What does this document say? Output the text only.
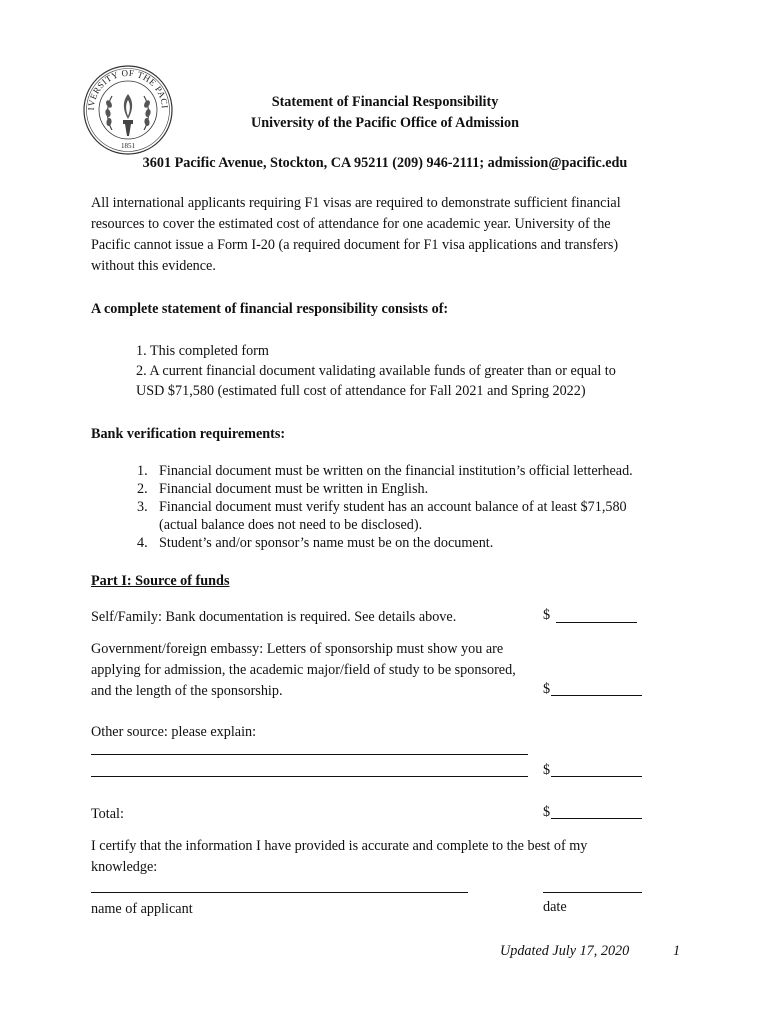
IVERSITY OF THE PACI
1851
Statement of Financial Responsibility
University of the Pacific Office of Admission
3601 Pacific Avenue, Stockton, CA 95211 (209) 946-2111; admission@pacific.edu
All international applicants requiring F1 visas are required to demonstrate sufficient financial
resources to cover the estimated cost of attendance for one academic year. University of the
Pacific cannot issue a Form I-20 (a required document for F1 visa applications and transfers)
without this evidence.
A complete statement of financial responsibility consists of:
1. This completed form
2. A current financial document validating available funds of greater than or equal to
USD $71,580 (estimated full cost of attendance for Fall 2021 and Spring 2022)
Bank verification requirements:
1. Financial document must be written on the financial institution’s official letterhead.
2. Financial document must be written in English.
3. Financial document must verify student has an account balance of at least $71,580
(actual balance does not need to be disclosed).
4. Student’s and/or sponsor’s name must be on the document.
Part I: Source of funds
Self/Family: Bank documentation is required. See details above.	$
Government/foreign embassy: Letters of sponsorship must show you are
applying for admission, the academic major/field of study to be sponsored,
and the length of the sponsorship.	$
Other source: please explain:
$
Total:	$
I certify that the information I have provided is accurate and complete to the best of my
knowledge:
name of applicant	date
Updated July 17, 2020	1
